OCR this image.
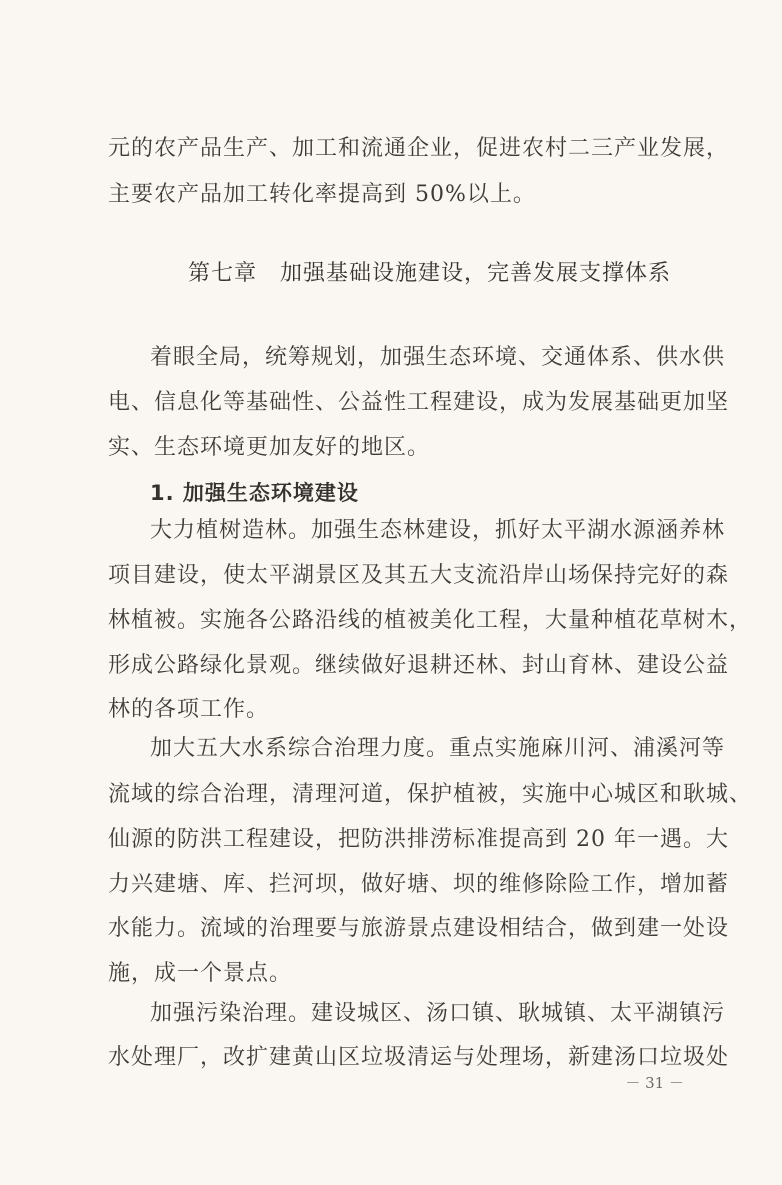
元的农产品生产、加工和流通企业，促进农村二三产业发展，
主要农产品加工转化率提高到 50%以上。
第七章　加强基础设施建设，完善发展支撑体系
着眼全局，统筹规划，加强生态环境、交通体系、供水供
电、信息化等基础性、公益性工程建设，成为发展基础更加坚
实、生态环境更加友好的地区。
1. 加强生态环境建设
大力植树造林。加强生态林建设，抓好太平湖水源涵养林
项目建设，使太平湖景区及其五大支流沿岸山场保持完好的森
林植被。实施各公路沿线的植被美化工程，大量种植花草树木，
形成公路绿化景观。继续做好退耕还林、封山育林、建设公益
林的各项工作。
加大五大水系综合治理力度。重点实施麻川河、浦溪河等
流域的综合治理，清理河道，保护植被，实施中心城区和耿城、
仙源的防洪工程建设，把防洪排涝标准提高到 20 年一遇。大
力兴建塘、库、拦河坝，做好塘、坝的维修除险工作，增加蓄
水能力。流域的治理要与旅游景点建设相结合，做到建一处设
施，成一个景点。
加强污染治理。建设城区、汤口镇、耿城镇、太平湖镇污
水处理厂，改扩建黄山区垃圾清运与处理场，新建汤口垃圾处
－ 31 －
